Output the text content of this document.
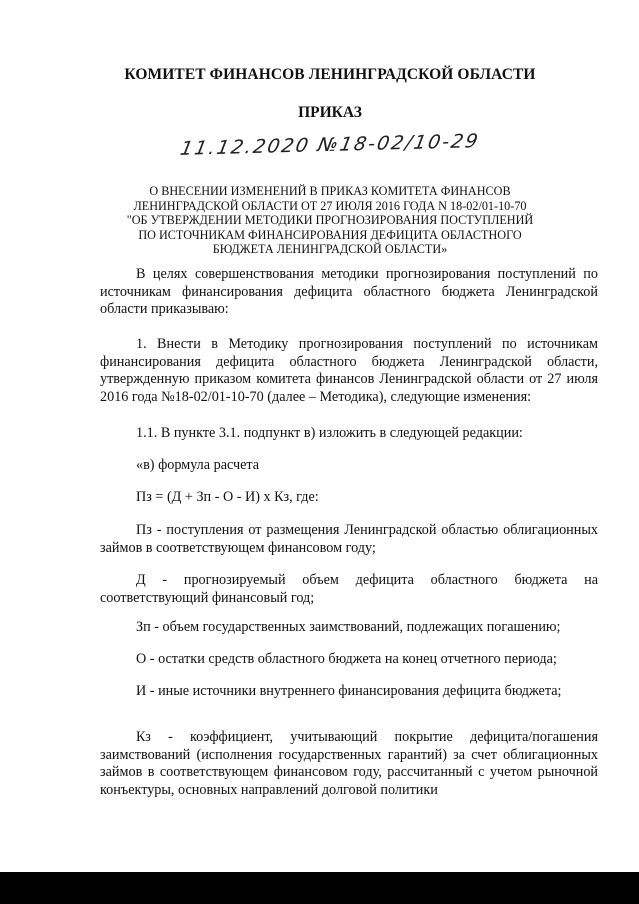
КОМИТЕТ ФИНАНСОВ ЛЕНИНГРАДСКОЙ ОБЛАСТИ
ПРИКАЗ
11.12.2020 №18-02/10-29
О ВНЕСЕНИИ ИЗМЕНЕНИЙ В ПРИКАЗ КОМИТЕТА ФИНАНСОВ
ЛЕНИНГРАДСКОЙ ОБЛАСТИ ОТ 27 ИЮЛЯ 2016 ГОДА N 18-02/01-10-70
"ОБ УТВЕРЖДЕНИИ МЕТОДИКИ ПРОГНОЗИРОВАНИЯ ПОСТУПЛЕНИЙ
ПО ИСТОЧНИКАМ ФИНАНСИРОВАНИЯ ДЕФИЦИТА ОБЛАСТНОГО
БЮДЖЕТА ЛЕНИНГРАДСКОЙ ОБЛАСТИ»
В целях совершенствования методики прогнозирования поступлений по источникам финансирования дефицита областного бюджета Ленинградской области приказываю:
1. Внести в Методику прогнозирования поступлений по источникам финансирования дефицита областного бюджета Ленинградской области, утвержденную приказом комитета финансов Ленинградской области от 27 июля 2016 года №18-02/01-10-70 (далее – Методика), следующие изменения:
1.1. В пункте 3.1. подпункт в) изложить в следующей редакции:
«в) формула расчета
Пз = (Д + Зп - О - И) х Кз, где:
Пз - поступления от размещения Ленинградской областью облигационных займов в соответствующем финансовом году;
Д - прогнозируемый объем дефицита областного бюджета на соответствующий финансовый год;
Зп - объем государственных заимствований, подлежащих погашению;
О - остатки средств областного бюджета на конец отчетного периода;
И - иные источники внутреннего финансирования дефицита бюджета;
Кз - коэффициент, учитывающий покрытие дефицита/погашения заимствований (исполнения государственных гарантий) за счет облигационных займов в соответствующем финансовом году, рассчитанный с учетом рыночной конъектуры, основных направлений долговой политики
